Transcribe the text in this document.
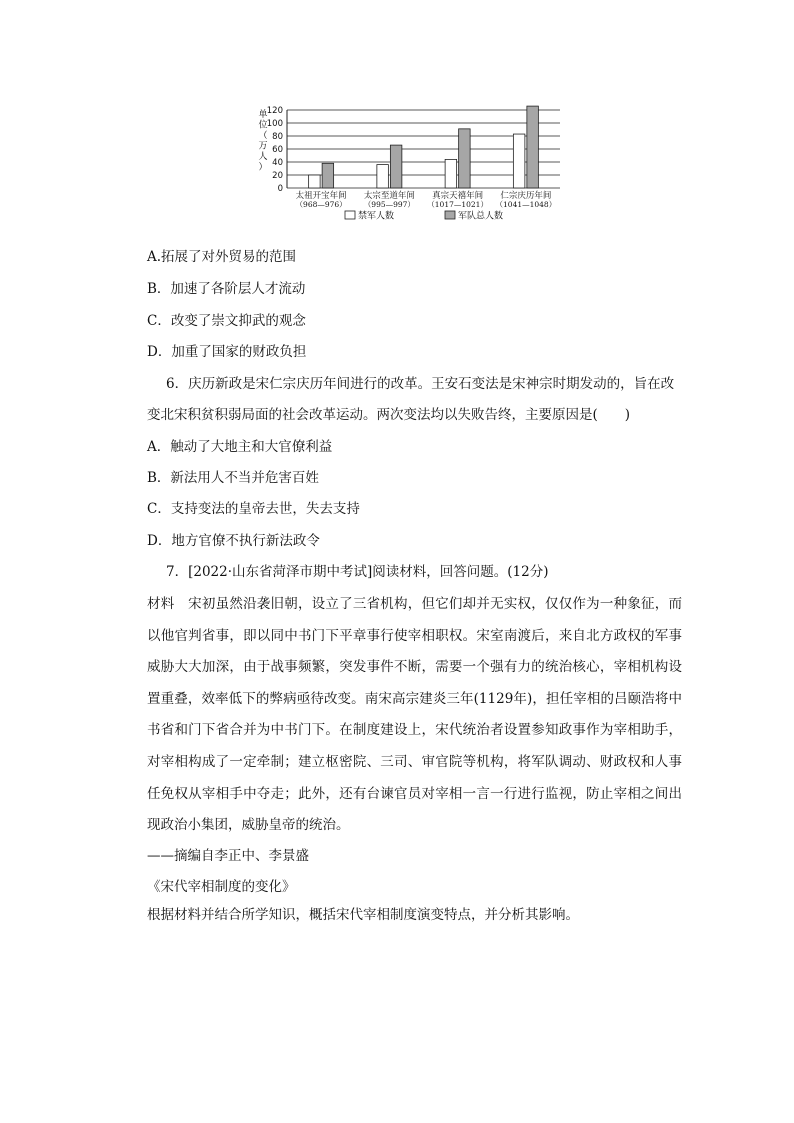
0
20
40
60
80
100
120
单
位
（
万
人
）
太祖开宝年间
（968—976）
太宗至道年间
（995—997）
真宗天禧年间
（1017—1021）
仁宗庆历年间
（1041—1048）
禁军人数	军队总人数
A.拓展了对外贸易的范围
B．加速了各阶层人才流动
C．改变了崇文抑武的观念
D．加重了国家的财政负担
6．庆历新政是宋仁宗庆历年间进行的改革。王安石变法是宋神宗时期发动的，旨在改
变北宋积贫积弱局面的社会改革运动。两次变法均以失败告终，主要原因是(　　)
A．触动了大地主和大官僚利益
B．新法用人不当并危害百姓
C．支持变法的皇帝去世，失去支持
D．地方官僚不执行新法政令
7．[2022·山东省菏泽市期中考试]阅读材料，回答问题。(12分)

材料　宋初虽然沿袭旧朝，设立了三省机构，但它们却并无实权，仅仅作为一种象征，而以他官判省事，即以同中书门下平章事行使宰相职权。宋室南渡后，来自北方政权的军事威胁大大加深，由于战事频繁，突发事件不断，需要一个强有力的统治核心，宰相机构设置重叠，效率低下的弊病亟待改变。南宋高宗建炎三年(1129年)，担任宰相的吕颐浩将中书省和门下省合并为中书门下。在制度建设上，宋代统治者设置参知政事作为宰相助手，对宰相构成了一定牵制；建立枢密院、三司、审官院等机构，将军队调动、财政权和人事任免权从宰相手中夺走；此外，还有台谏官员对宰相一言一行进行监视，防止宰相之间出现政治小集团，威胁皇帝的统治。

——摘编自李正中、李景盛
《宋代宰相制度的变化》
根据材料并结合所学知识，概括宋代宰相制度演变特点，并分析其影响。
